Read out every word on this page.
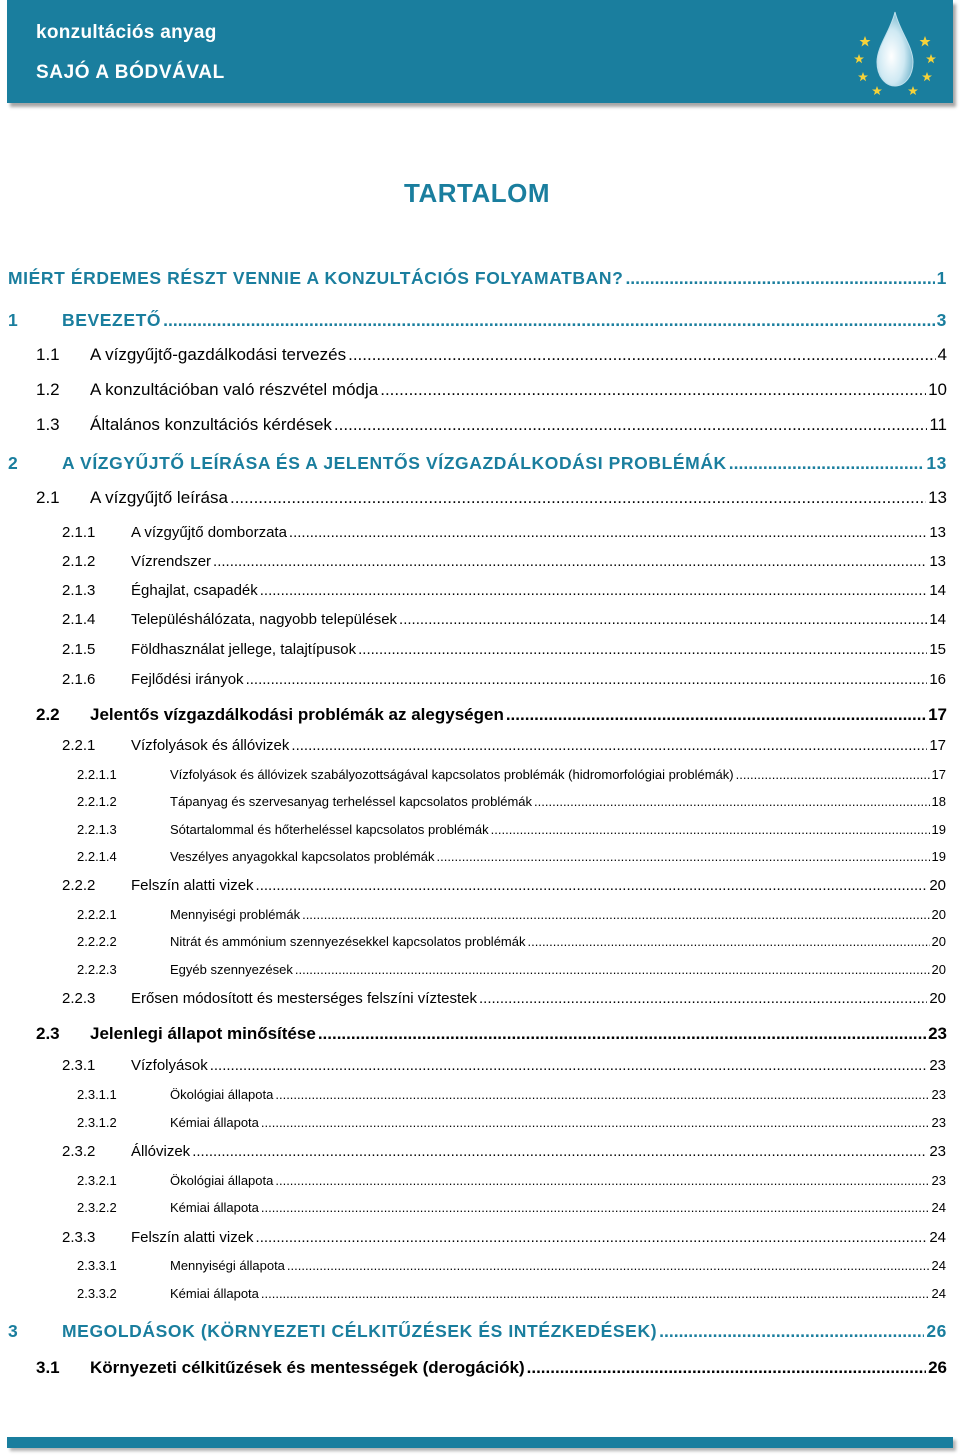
konzultációs anyag
SAJÓ A BÓDVÁVAL
TARTALOM
MIÉRT ÉRDEMES RÉSZT VENNIE A KONZULTÁCIÓS FOLYAMATBAN? .....	1
1 BEVEZETŐ .....	3
1.1 A vízgyűjtő-gazdálkodási tervezés .....	4
1.2 A konzultációban való részvétel módja .....	10
1.3 Általános konzultációs kérdések .....	11
2 A VÍZGYŰJTŐ LEÍRÁSA ÉS A JELENTŐS VÍZGAZDÁLKODÁSI PROBLÉMÁK .....	13
2.1 A vízgyűjtő leírása .....	13
2.1.1 A vízgyűjtő domborzata .....	13
2.1.2 Vízrendszer .....	13
2.1.3 Éghajlat, csapadék .....	14
2.1.4 Településhálózata, nagyobb települések .....	14
2.1.5 Földhasználat jellege, talajtípusok .....	15
2.1.6 Fejlődési irányok .....	16
2.2 Jelentős vízgazdálkodási problémák az alegységen .....	17
2.2.1 Vízfolyások és állóvizek .....	17
2.2.1.1	Vízfolyások és állóvizek szabályozottságával kapcsolatos problémák (hidromorfológiai problémák) .....	17
2.2.1.2	Tápanyag és szervesanyag terheléssel kapcsolatos problémák .....	18
2.2.1.3	Sótartalommal és hőterheléssel kapcsolatos problémák .....	19
2.2.1.4	Veszélyes anyagokkal kapcsolatos problémák .....	19
2.2.2 Felszín alatti vizek .....	20
2.2.2.1	Mennyiségi problémák .....	20
2.2.2.2	Nitrát és ammónium szennyezésekkel kapcsolatos problémák .....	20
2.2.2.3	Egyéb szennyezések .....	20
2.2.3 Erősen módosított és mesterséges felszíni víztestek .....	20
2.3 Jelenlegi állapot minősítése .....	23
2.3.1 Vízfolyások .....	23
2.3.1.1	Ökológiai állapota .....	23
2.3.1.2	Kémiai állapota .....	23
2.3.2 Állóvizek .....	23
2.3.2.1	Ökológiai állapota .....	23
2.3.2.2	Kémiai állapota .....	24
2.3.3 Felszín alatti vizek .....	24
2.3.3.1	Mennyiségi állapota .....	24
2.3.3.2	Kémiai állapota .....	24
3 MEGOLDÁSOK (KÖRNYEZETI CÉLKITŰZÉSEK ÉS INTÉZKEDÉSEK) .....	26
3.1 Környezeti célkitűzések és mentességek (derogációk) .....	26
